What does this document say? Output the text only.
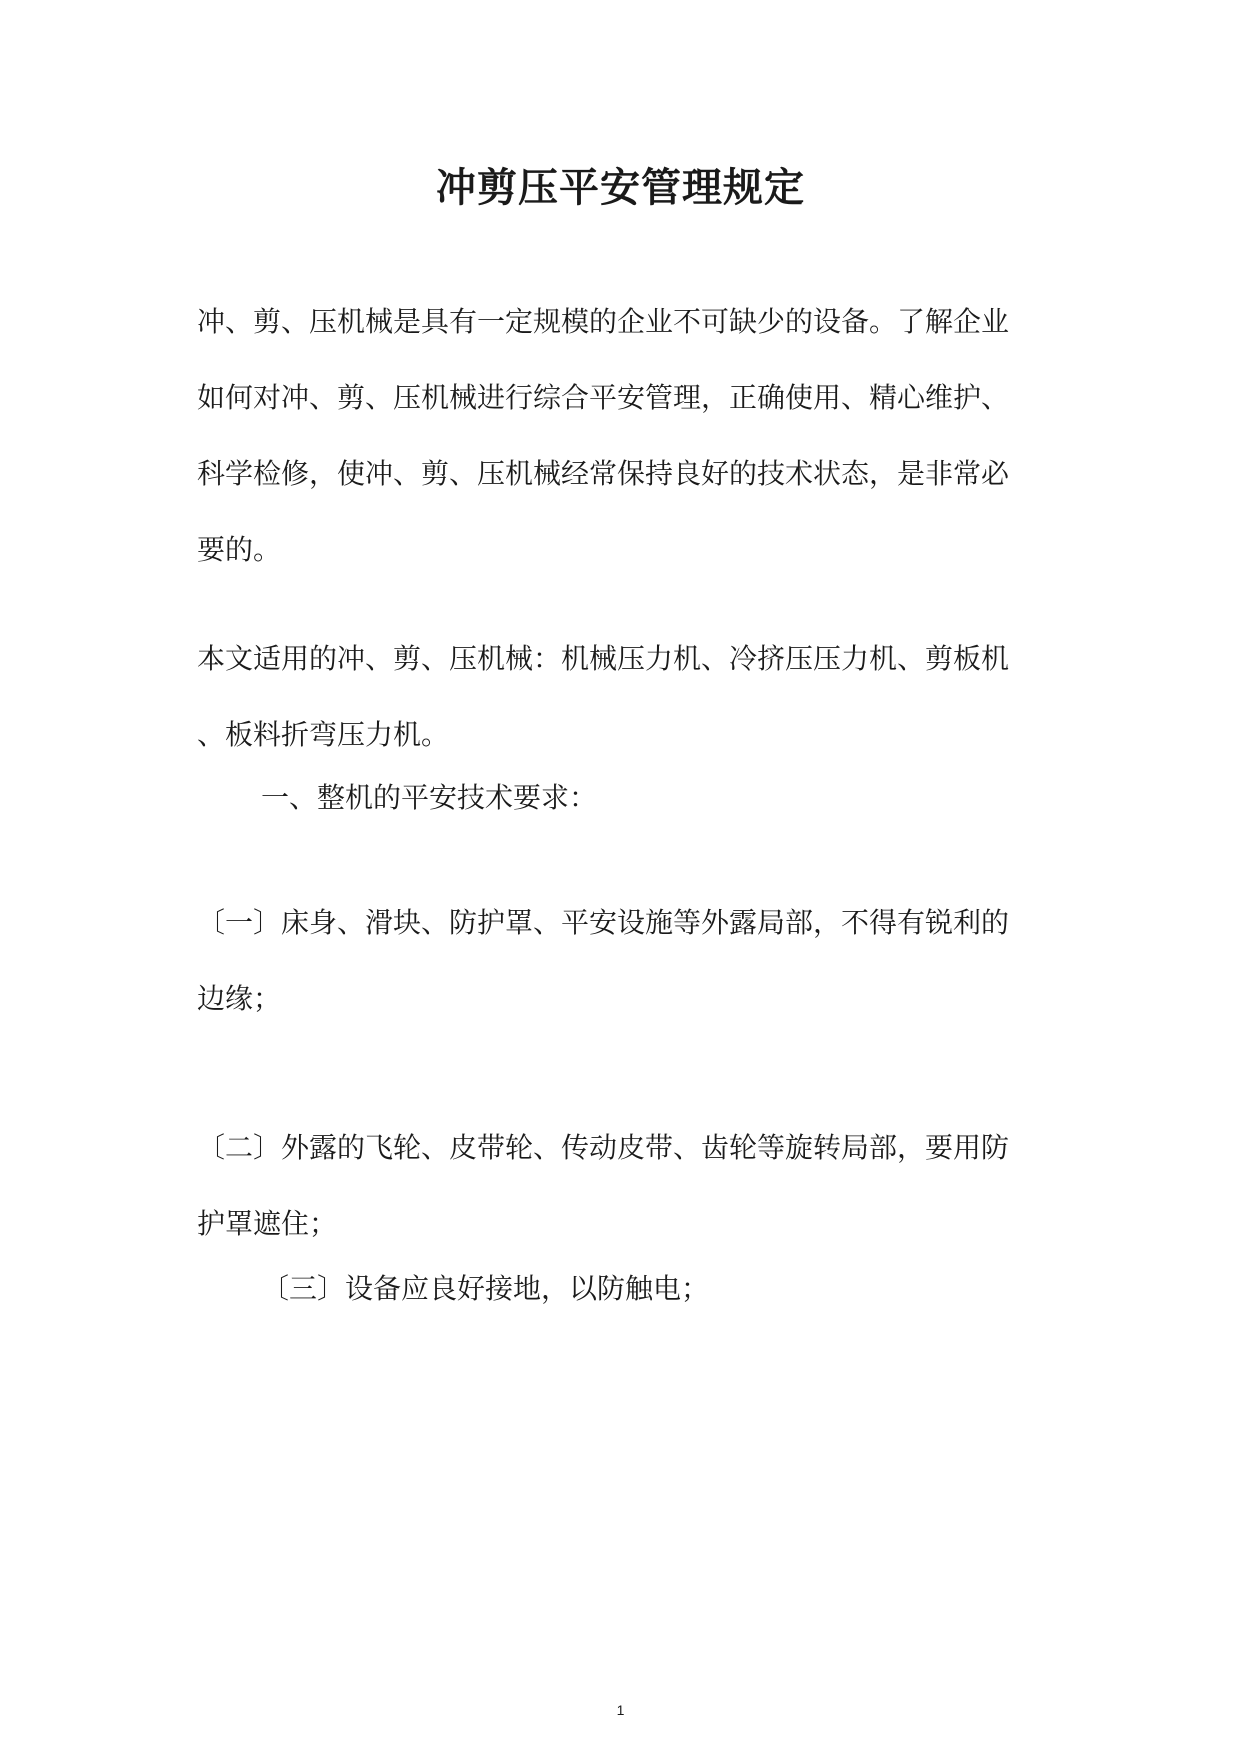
冲剪压平安管理规定

冲、剪、压机械是具有一定规模的企业不可缺少的设备。了解企业
如何对冲、剪、压机械进行综合平安管理，正确使用、精心维护、
科学检修，使冲、剪、压机械经常保持良好的技术状态，是非常必
要的。

本文适用的冲、剪、压机械：机械压力机、冷挤压压力机、剪板机
、板料折弯压力机。

一、整机的平安技术要求：

〔一〕床身、滑块、防护罩、平安设施等外露局部，不得有锐利的
边缘；

〔二〕外露的飞轮、皮带轮、传动皮带、齿轮等旋转局部，要用防
护罩遮住；

〔三〕设备应良好接地，以防触电；

1
